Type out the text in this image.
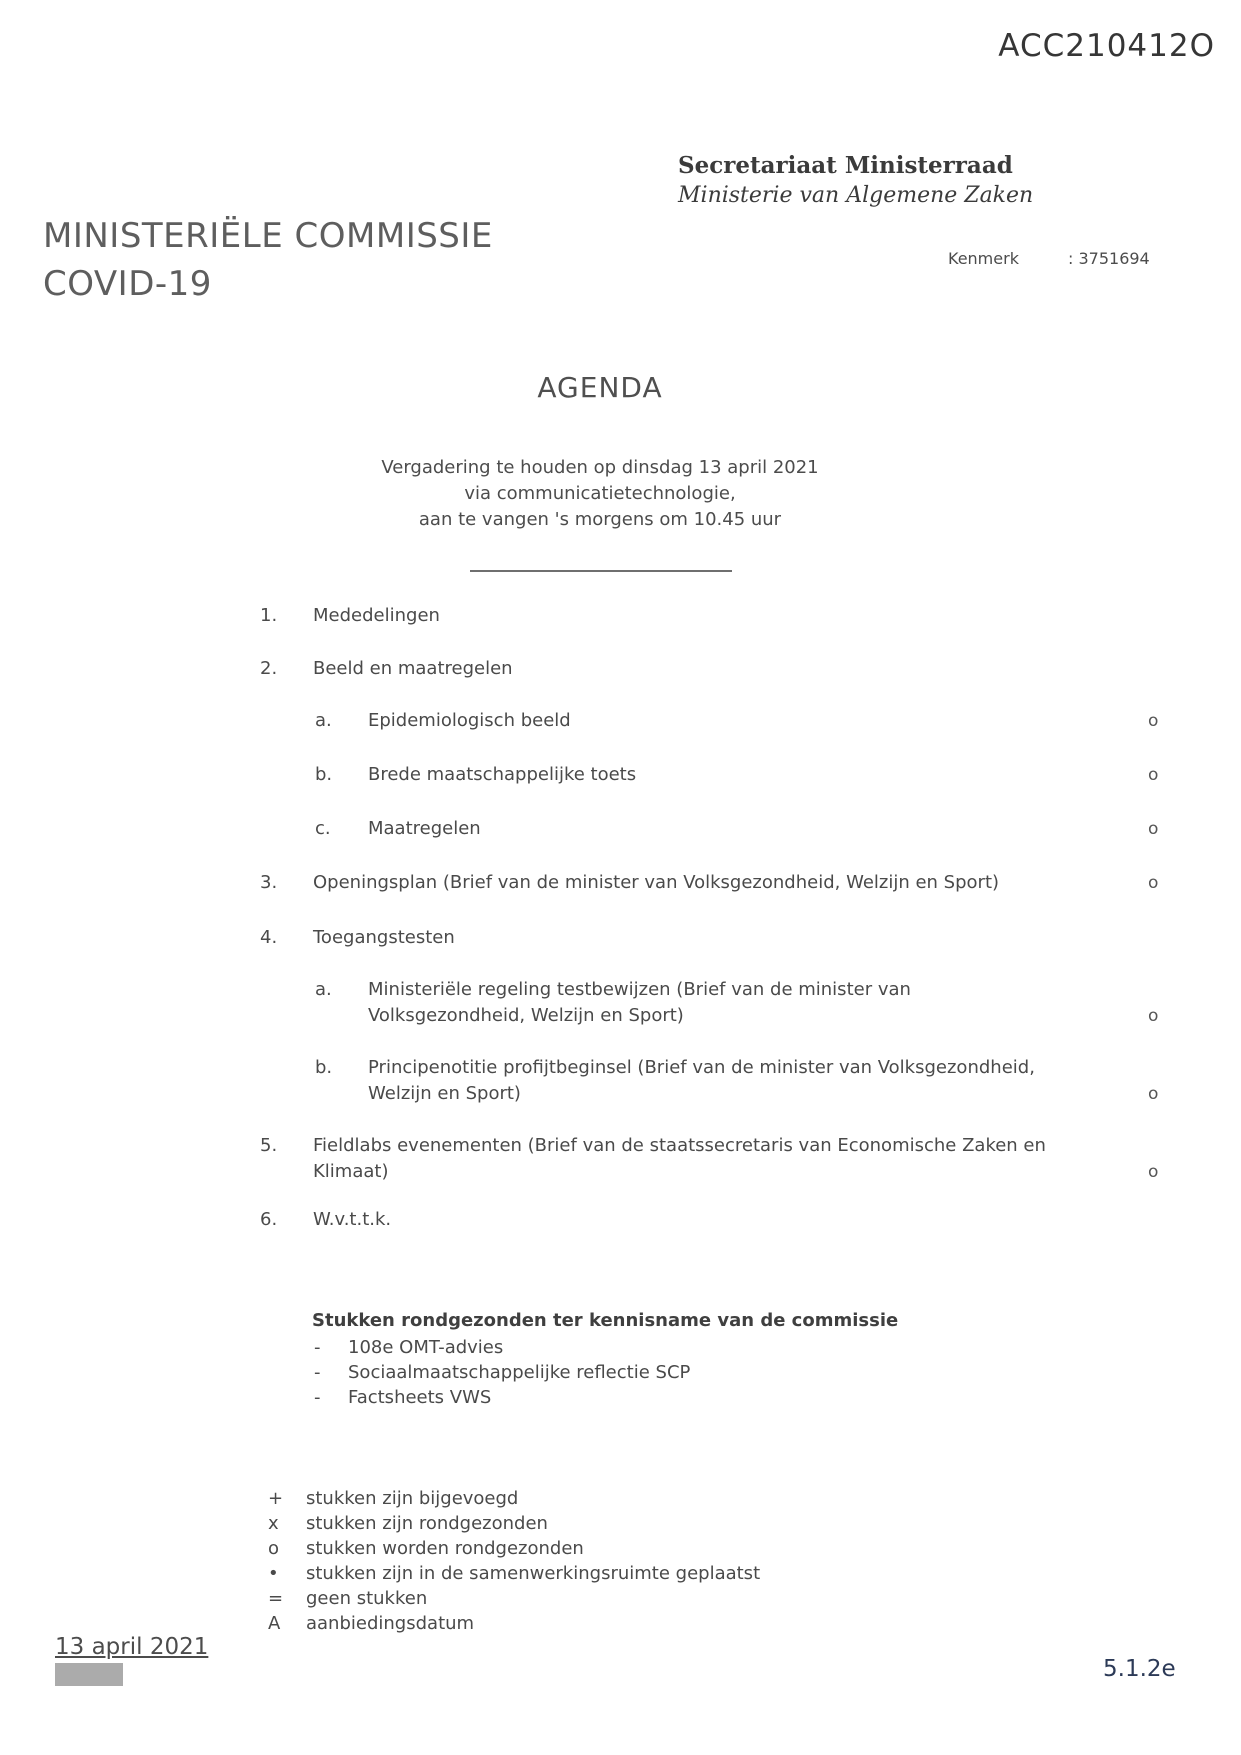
ACC210412O
Secretariaat Ministerraad
Ministerie van Algemene Zaken
MINISTERIËLE COMMISSIE
COVID-19
Kenmerk	: 3751694
AGENDA
Vergadering te houden op dinsdag 13 april 2021
via communicatietechnologie,
aan te vangen 's morgens om 10.45 uur
1. Mededelingen
2. Beeld en maatregelen
a. Epidemiologisch beeld	o
b. Brede maatschappelijke toets	o
c. Maatregelen	o
3. Openingsplan (Brief van de minister van Volksgezondheid, Welzijn en Sport)	o
4. Toegangstesten
a. Ministeriële regeling testbewijzen (Brief van de minister van
Volksgezondheid, Welzijn en Sport)	o
b. Principenotitie profijtbeginsel (Brief van de minister van Volksgezondheid,
Welzijn en Sport)	o
5. Fieldlabs evenementen (Brief van de staatssecretaris van Economische Zaken en
Klimaat)	o
6. W.v.t.t.k.
Stukken rondgezonden ter kennisname van de commissie
- 108e OMT-advies
- Sociaalmaatschappelijke reflectie SCP
- Factsheets VWS
+ stukken zijn bijgevoegd
x stukken zijn rondgezonden
o stukken worden rondgezonden
• stukken zijn in de samenwerkingsruimte geplaatst
= geen stukken
A aanbiedingsdatum
13 april 2021
5.1.2e
